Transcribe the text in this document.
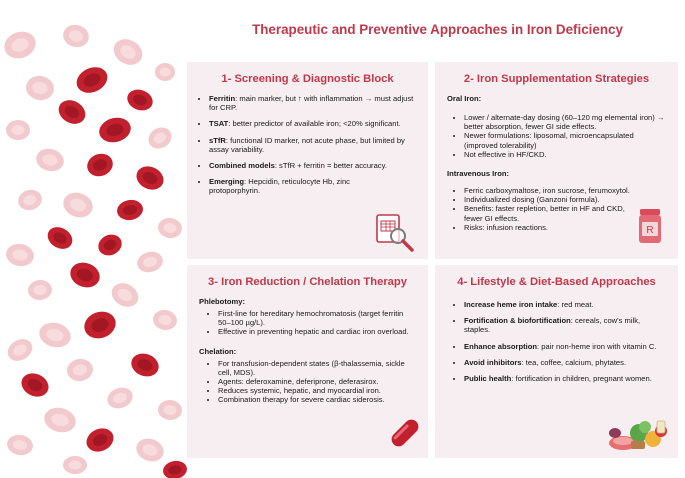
Therapeutic and Preventive Approaches in Iron Deficiency
1- Screening & Diagnostic Block
• Ferritin: main marker, but ↑ with inflammation → must adjust for CRP.
• TSAT: better predictor of available iron; <20% significant.
• sTfR: functional ID marker, not acute phase, but limited by assay variability.
• Combined models: sTfR + ferritin = better accuracy.
• Emerging: Hepcidin, reticulocyte Hb, zinc protoporphyrin.
2- Iron Supplementation Strategies
Oral Iron:
• Lower / alternate-day dosing (60–120 mg elemental iron) → better absorption, fewer GI side effects.
• Newer formulations: liposomal, microencapsulated (improved tolerability)
• Not effective in HF/CKD.
Intravenous Iron:
• Ferric carboxymaltose, iron sucrose, ferumoxytol.
• Individualized dosing (Ganzoni formula).
• Benefits: faster repletion, better in HF and CKD, fewer GI effects.
• Risks: infusion reactions.	R
3- Iron Reduction / Chelation Therapy
Phlebotomy:
• First-line for hereditary hemochromatosis (target ferritin 50–100 µg/L).
• Effective in preventing hepatic and cardiac iron overload.
Chelation:
• For transfusion-dependent states (β-thalassemia, sickle cell, MDS).
• Agents: deferoxamine, deferiprone, deferasirox.
• Reduces systemic, hepatic, and myocardial iron.
• Combination therapy for severe cardiac siderosis.
4- Lifestyle & Diet-Based Approaches
• Increase heme iron intake: red meat.
• Fortification & biofortification: cereals, cow's milk, staples.
• Enhance absorption: pair non-heme iron with vitamin C.
• Avoid inhibitors: tea, coffee, calcium, phytates.
• Public health: fortification in children, pregnant women.
